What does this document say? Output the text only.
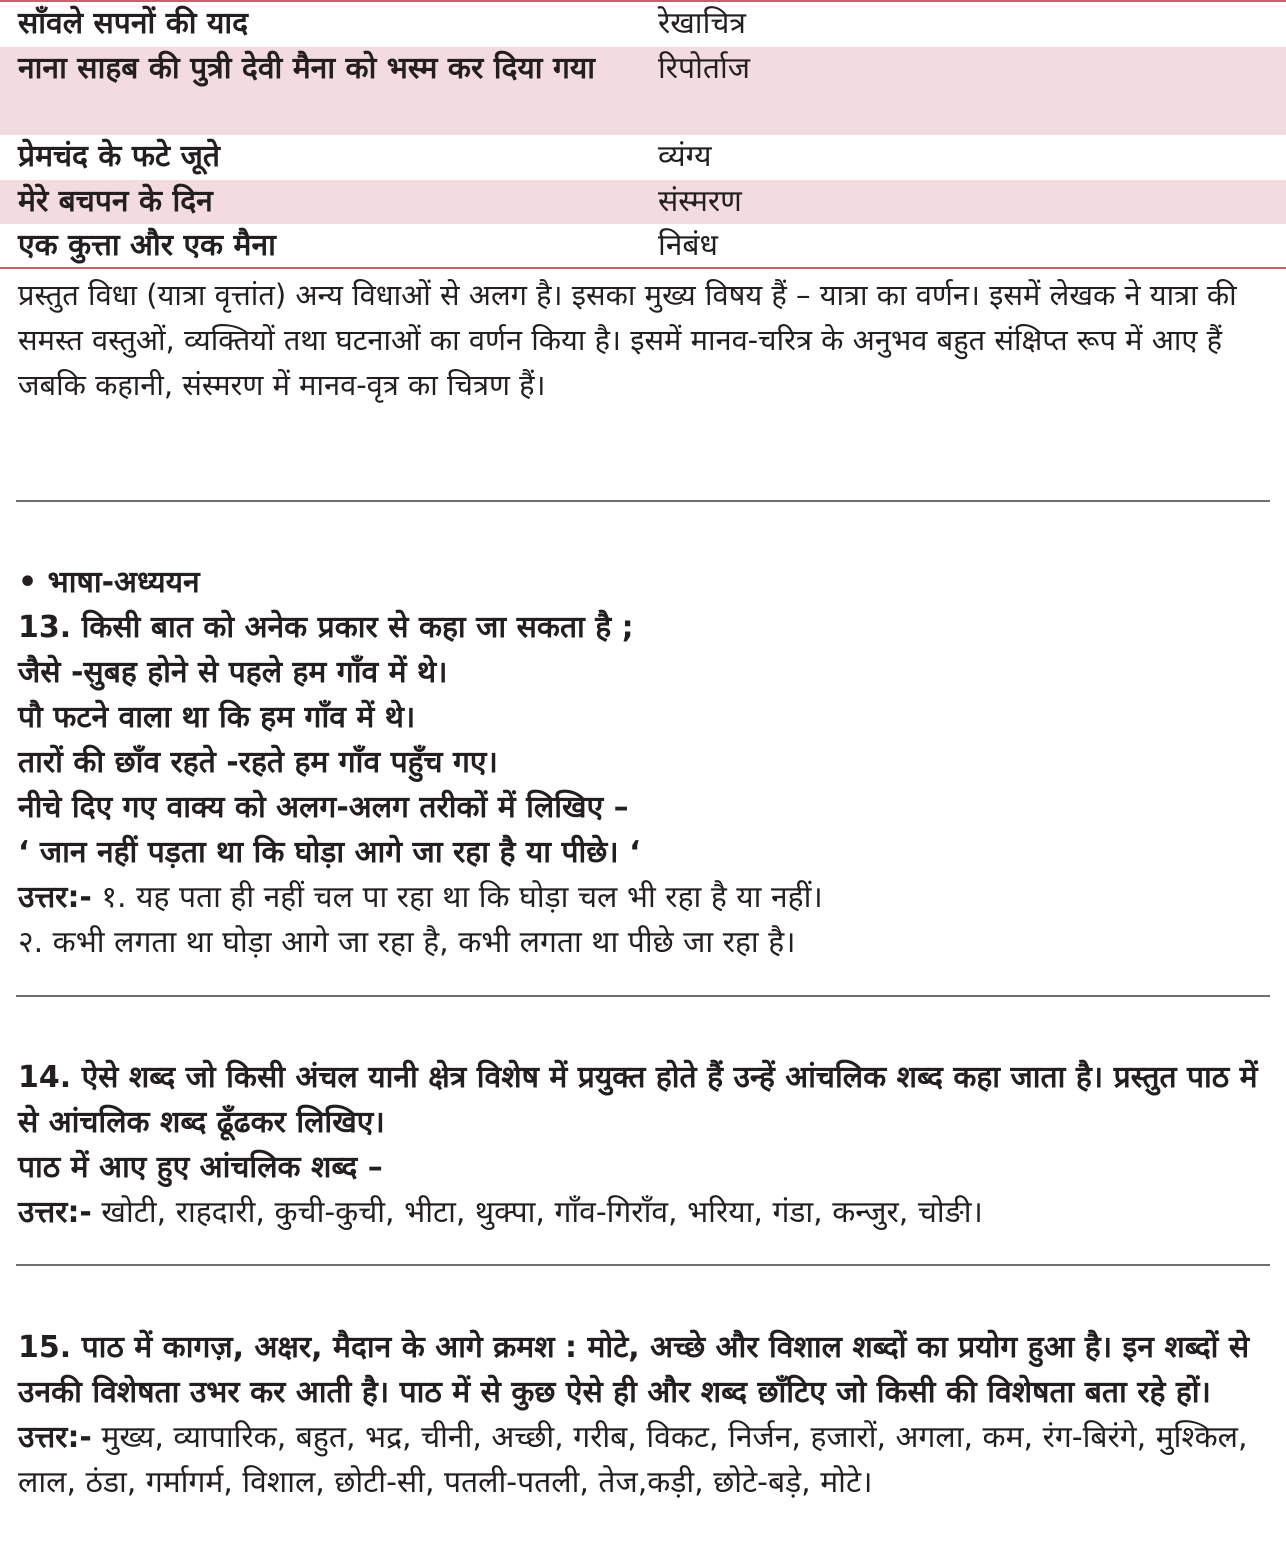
साँवले सपनों की याद	रेखाचित्र
नाना साहब की पुत्री देवी मैना को भस्म कर दिया गया	रिपोर्ताज
प्रेमचंद के फटे जूते	व्यंग्य
मेरे बचपन के दिन	संस्मरण
एक कुत्ता और एक मैना	निबंध
प्रस्तुत विधा (यात्रा वृत्तांत) अन्य विधाओं से अलग है। इसका मुख्य विषय हैं – यात्रा का वर्णन। इसमें लेखक ने यात्रा की समस्त वस्तुओं, व्यक्तियों तथा घटनाओं का वर्णन किया है। इसमें मानव-चरित्र के अनुभव बहुत संक्षिप्त रूप में आए हैं जबकि कहानी, संस्मरण में मानव-वृत्र का चित्रण हैं।
• भाषा-अध्ययन
13. किसी बात को अनेक प्रकार से कहा जा सकता है ;
जैसे -सुबह होने से पहले हम गाँव में थे।
पौ फटने वाला था कि हम गाँव में थे।
तारों की छाँव रहते -रहते हम गाँव पहुँच गए।
नीचे दिए गए वाक्य को अलग-अलग तरीकों में लिखिए –
‘ जान नहीं पड़ता था कि घोड़ा आगे जा रहा है या पीछे। ‘
उत्तर:- १. यह पता ही नहीं चल पा रहा था कि घोड़ा चल भी रहा है या नहीं।
२. कभी लगता था घोड़ा आगे जा रहा है, कभी लगता था पीछे जा रहा है।
14. ऐसे शब्द जो किसी अंचल यानी क्षेत्र विशेष में प्रयुक्त होते हैं उन्हें आंचलिक शब्द कहा जाता है। प्रस्तुत पाठ में से आंचलिक शब्द ढूँढकर लिखिए।
पाठ में आए हुए आंचलिक शब्द –
उत्तर:- खोटी, राहदारी, कुची-कुची, भीटा, थुक्पा, गाँव-गिराँव, भरिया, गंडा, कन्जुर, चोङी।
15. पाठ में कागज़, अक्षर, मैदान के आगे क्रमश : मोटे, अच्छे और विशाल शब्दों का प्रयोग हुआ है। इन शब्दों से उनकी विशेषता उभर कर आती है। पाठ में से कुछ ऐसे ही और शब्द छाँटिए जो किसी की विशेषता बता रहे हों।
उत्तर:- मुख्य, व्यापारिक, बहुत, भद्र, चीनी, अच्छी, गरीब, विकट, निर्जन, हजारों, अगला, कम, रंग-बिरंगे, मुश्किल, लाल, ठंडा, गर्मागर्म, विशाल, छोटी-सी, पतली-पतली, तेज,कड़ी, छोटे-बड़े, मोटे।
